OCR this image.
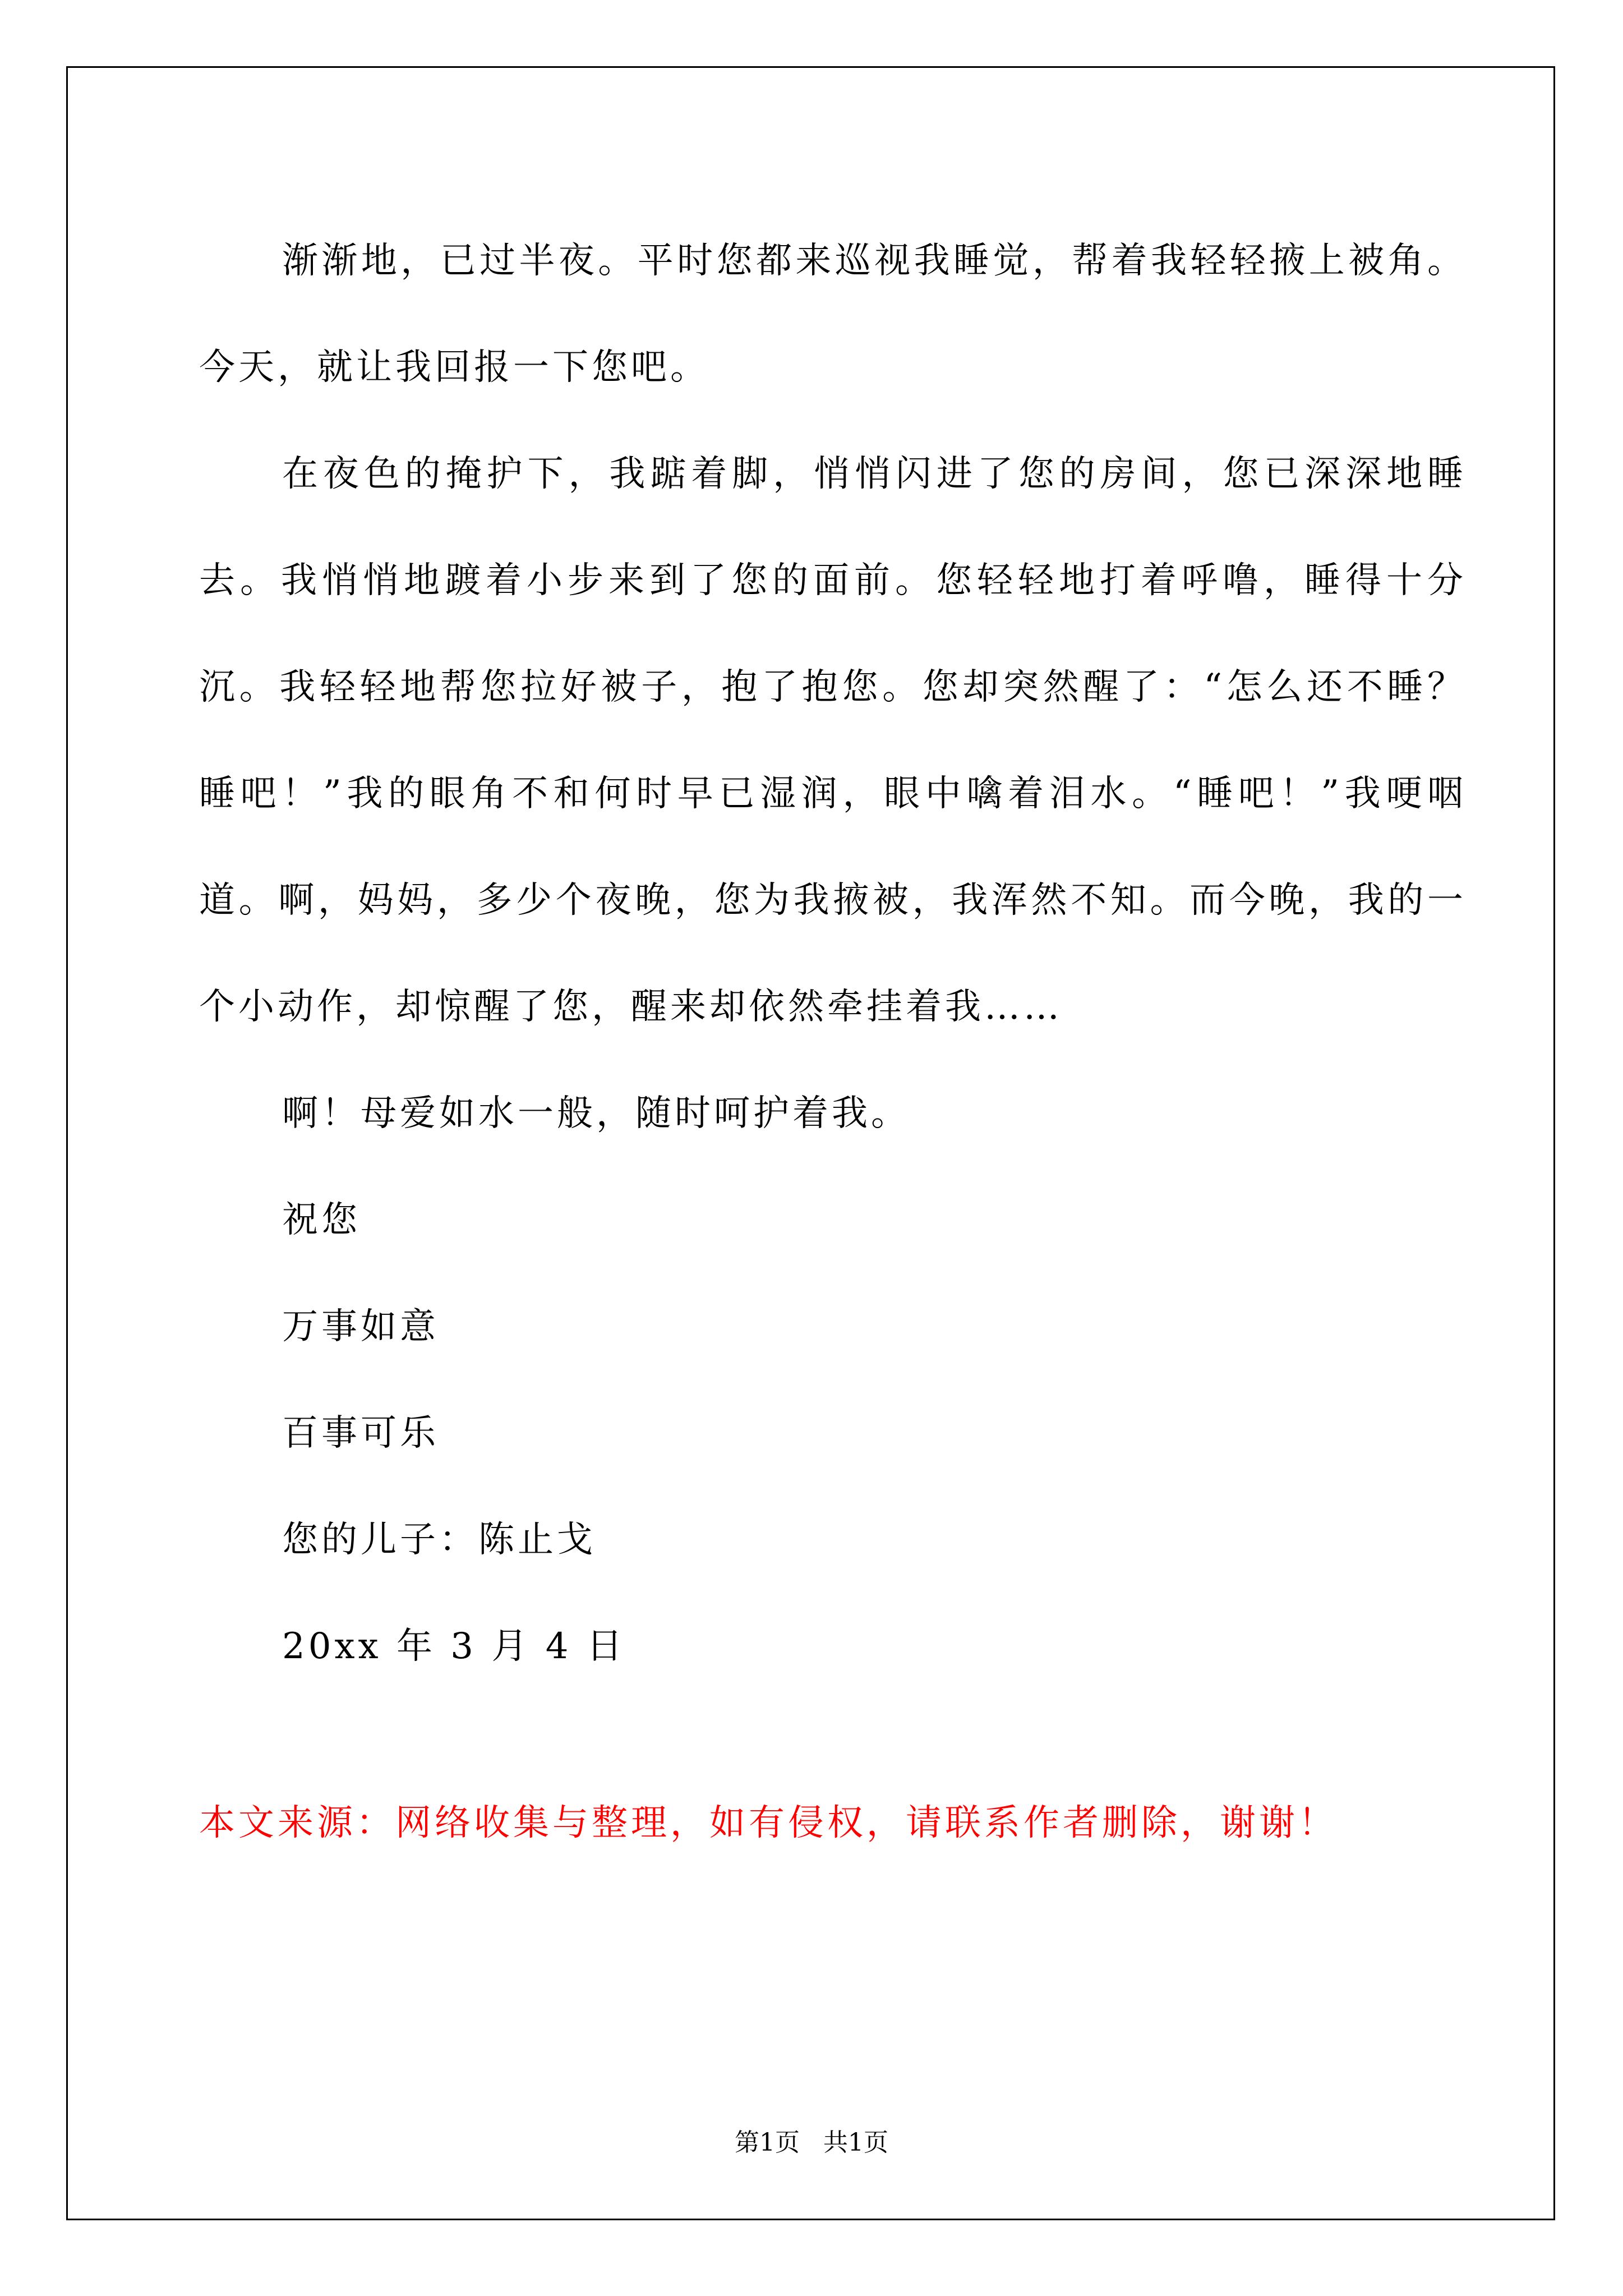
渐渐地，已过半夜。平时您都来巡视我睡觉，帮着我轻轻掖上被角。今天，就让我回报一下您吧。

在夜色的掩护下，我踮着脚，悄悄闪进了您的房间，您已深深地睡去。我悄悄地踱着小步来到了您的面前。您轻轻地打着呼噜，睡得十分沉。我轻轻地帮您拉好被子，抱了抱您。您却突然醒了：“怎么还不睡？睡吧！”我的眼角不和何时早已湿润，眼中噙着泪水。“睡吧！”我哽咽道。啊，妈妈，多少个夜晚，您为我掖被，我浑然不知。而今晚，我的一个小动作，却惊醒了您，醒来却依然牵挂着我……

啊！母爱如水一般，随时呵护着我。

祝您

万事如意

百事可乐

您的儿子：陈止戈

20xx 年 3 月 4 日

本文来源：网络收集与整理，如有侵权，请联系作者删除，谢谢！
第1页   共1页
